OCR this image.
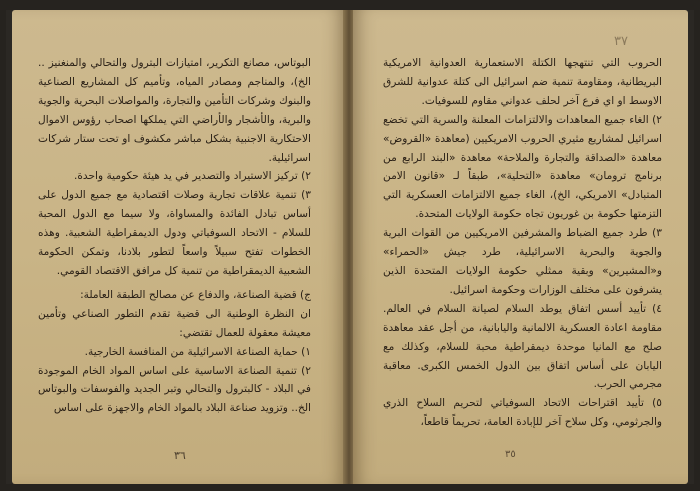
البوتاس، مصانع التكرير، امتيازات البترول والتحالي والمنغنيز .. الخ)، والمناجم ومصادر المياه، وتأميم كل المشاريع الصناعية والبنوك وشركات التأمين والتجارة، والمواصلات البحرية والجوية والبرية، والأشجار والأراضي التي يملكها اصحاب رؤوس الاموال الاحتكارية الاجنبية بشكل مباشر مكشوف او تحت ستار شركات اسرائيلية.

٢) تركيز الاستيراد والتصدير في يد هيئة حكومية واحدة.

٣) تنمية علاقات تجارية وصلات اقتصادية مع جميع الدول على أساس تبادل الفائدة والمساواة، ولا سيما مع الدول المحبة للسلام - الاتحاد السوفياتي ودول الديمقراطية الشعبية. وهذه الخطوات تفتح سبيلاً واسعاً لتطور بلادنا، وتمكن الحكومة الشعبية الديمقراطية من تنمية كل مرافق الاقتصاد القومي.

ج) قضية الصناعة، والدفاع عن مصالح الطبقة العاملة:

ان النظرة الوطنية الى قضية تقدم التطور الصناعي وتأمين معيشة معقولة للعمال تقتضي:

١) حماية الصناعة الاسرائيلية من المنافسة الخارجية.

٢) تنمية الصناعة الاساسية على اساس المواد الخام الموجودة في البلاد - كالبترول والتحالي وتبر الجديد والفوسفات والبوتاس الخ.. وتزويد صناعة البلاد بالمواد الخام والاجهزة على اساس

٣٦
٣٧

الحروب التي تنتهجها الكتلة الاستعمارية العدوانية الامريكية البريطانية، ومقاومة تنمية ضم اسرائيل الى كتلة عدوانية للشرق الاوسط او اي فرع آخر لحلف عدواني مقاوم للسوفيات.

٢) الغاء جميع المعاهدات والالتزامات المعلنة والسرية التي تخضع اسرائيل لمشاريع مثيري الحروب الامريكيين (معاهدة «القروض» معاهدة «الصداقة والتجارة والملاحة» معاهدة «البند الرابع من برنامج ترومان» معاهدة «التحلية»، طبقاً لـ «قانون الامن المتبادل» الامريكي، الخ)، الغاء جميع الالتزامات العسكرية التي التزمتها حكومة بن غوريون تجاه حكومة الولايات المتحدة.

٣) طرد جميع الضباط والمشرفين الامريكيين من القوات البرية والجوية والبحرية الاسرائيلية، طرد جيش «الحمراء» و«المشيرين» وبقية ممثلي حكومة الولايات المتحدة الذين يشرفون على مختلف الوزارات وحكومة اسرائيل.

٤) تأييد أسس اتفاق يوطد السلام لصيانة السلام في العالم. مقاومة اعادة العسكرية الالمانية واليابانية، من أجل عقد معاهدة صلح مع المانيا موحدة ديمقراطية محبة للسلام، وكذلك مع اليابان على أساس اتفاق بين الدول الخمس الكبرى. معاقبة مجرمي الحرب.

٥) تأييد اقتراحات الاتحاد السوفياتي لتحريم السلاح الذري والجرثومي، وكل سلاح آخر للإبادة العامة، تحريماً قاطعاً،

٣٥
